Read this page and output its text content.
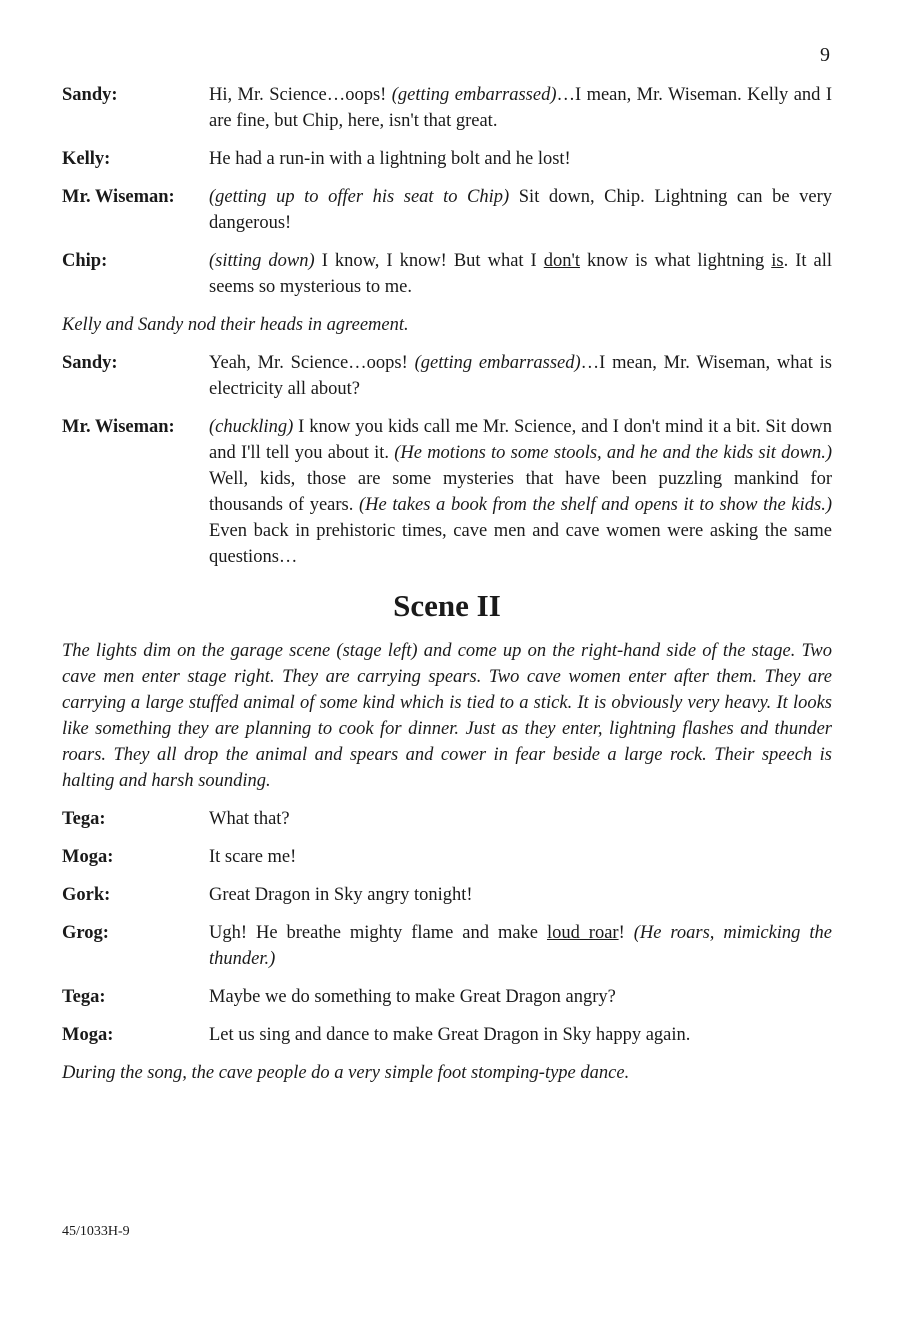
9
Sandy:	Hi, Mr. Science…oops! (getting embarrassed)…I mean, Mr. Wiseman. Kelly and I are fine, but Chip, here, isn't that great.
Kelly:	He had a run-in with a lightning bolt and he lost!
Mr. Wiseman:	(getting up to offer his seat to Chip) Sit down, Chip. Lightning can be very dangerous!
Chip:	(sitting down) I know, I know! But what I don't know is what lightning is. It all seems so mysterious to me.
Kelly and Sandy nod their heads in agreement.
Sandy:	Yeah, Mr. Science…oops! (getting embarrassed)…I mean, Mr. Wiseman, what is electricity all about?
Mr. Wiseman:	(chuckling) I know you kids call me Mr. Science, and I don't mind it a bit. Sit down and I'll tell you about it. (He motions to some stools, and he and the kids sit down.) Well, kids, those are some mysteries that have been puzzling mankind for thousands of years. (He takes a book from the shelf and opens it to show the kids.) Even back in prehistoric times, cave men and cave women were asking the same questions…
Scene II
The lights dim on the garage scene (stage left) and come up on the right-hand side of the stage. Two cave men enter stage right. They are carrying spears. Two cave women enter after them. They are carrying a large stuffed animal of some kind which is tied to a stick. It is obviously very heavy. It looks like something they are planning to cook for dinner. Just as they enter, lightning flashes and thunder roars. They all drop the animal and spears and cower in fear beside a large rock. Their speech is halting and harsh sounding.
Tega:	What that?
Moga:	It scare me!
Gork:	Great Dragon in Sky angry tonight!
Grog:	Ugh! He breathe mighty flame and make loud roar! (He roars, mimicking the thunder.)
Tega:	Maybe we do something to make Great Dragon angry?
Moga:	Let us sing and dance to make Great Dragon in Sky happy again.
During the song, the cave people do a very simple foot stomping-type dance.
45/1033H-9
